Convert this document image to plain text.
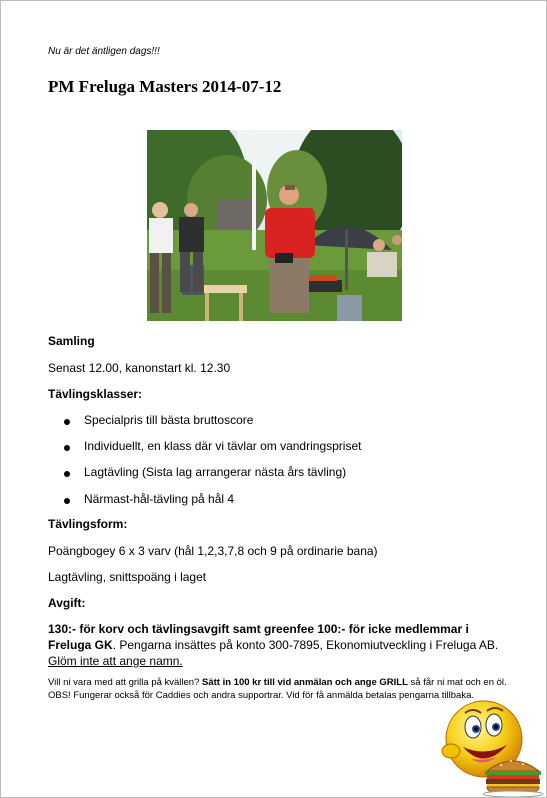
Nu är det äntligen dags!!!
PM Freluga Masters 2014-07-12
Samling
Senast 12.00, kanonstart kl. 12.30
Tävlingsklasser:
Specialpris till bästa bruttoscore
Individuellt, en klass där vi tävlar om vandringspriset
Lagtävling (Sista lag arrangerar nästa års tävling)
Närmast-hål-tävling på hål 4
Tävlingsform:
Poängbogey 6 x 3 varv (hål 1,2,3,7,8 och 9 på ordinarie bana)
Lagtävling, snittspoäng i laget
Avgift:
130:- för korv och tävlingsavgift samt greenfee 100:- för icke medlemmar i Freluga GK. Pengarna insättes på konto 300-7895, Ekonomiutveckling i Freluga AB.
Glöm inte att ange namn.
Vill ni vara med att grilla på kvällen? Sätt in 100 kr till vid anmälan och ange GRILL så får ni mat och en öl. OBS! Fungerar också för Caddies och andra supportrar. Vid för få anmälda betalas pengarna tillbaka.
